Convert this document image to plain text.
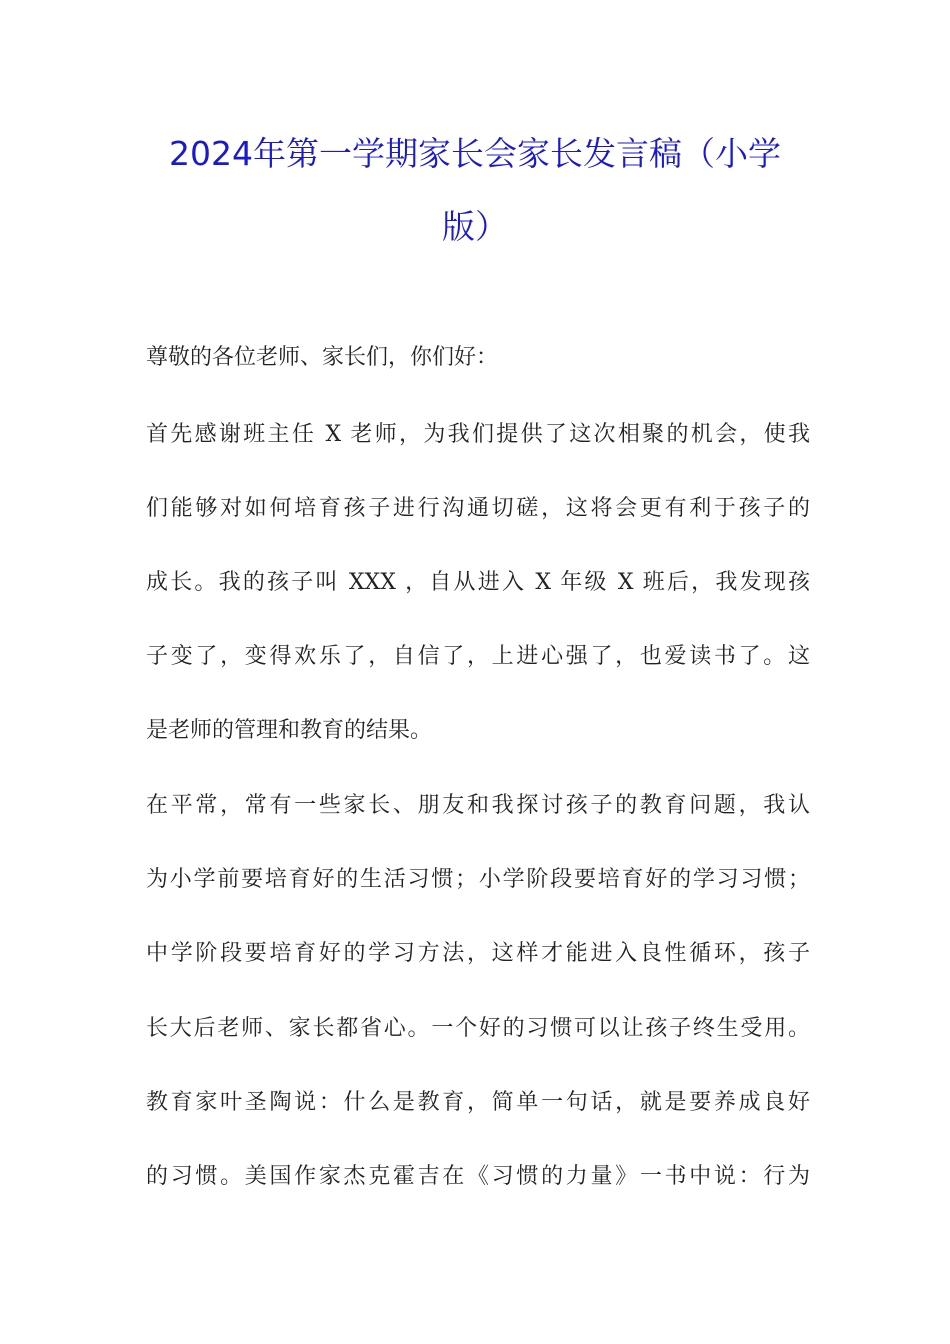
2024年第一学期家长会家长发言稿（小学
版）
尊敬的各位老师、家长们，你们好：
首先感谢班主任 X 老师，为我们提供了这次相聚的机会，使我
们能够对如何培育孩子进行沟通切磋，这将会更有利于孩子的
成长。我的孩子叫 XXX ，自从进入 X 年级 X 班后，我发现孩
子变了，变得欢乐了，自信了，上进心强了，也爱读书了。这
是老师的管理和教育的结果。
在平常，常有一些家长、朋友和我探讨孩子的教育问题，我认
为小学前要培育好的生活习惯；小学阶段要培育好的学习习惯；
中学阶段要培育好的学习方法，这样才能进入良性循环，孩子
长大后老师、家长都省心。一个好的习惯可以让孩子终生受用。
教育家叶圣陶说：什么是教育，简单一句话，就是要养成良好
的习惯。美国作家杰克霍吉在《习惯的力量》一书中说：行为
